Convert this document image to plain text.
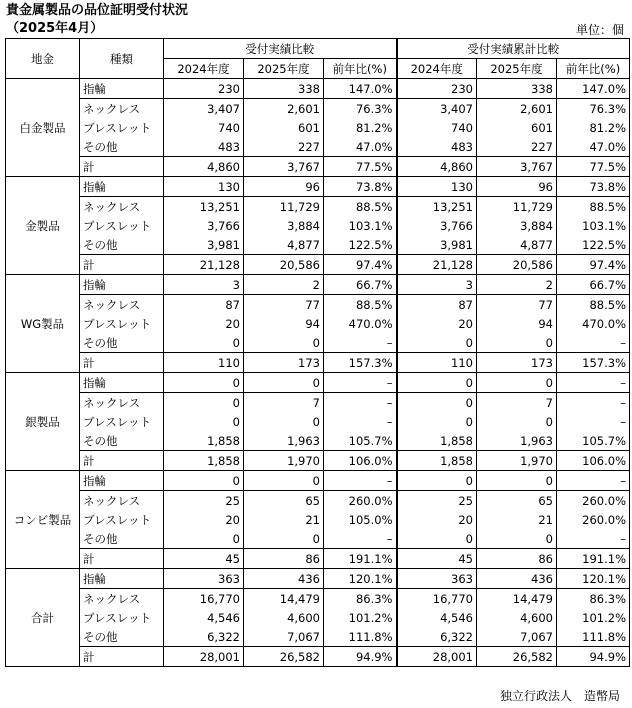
貴金属製品の品位証明受付状況
（2025年4月）	単位：個
地金	種類	受付実績比較			受付実績累計比較		
		2024年度	2025年度	前年比(%)	2024年度	2025年度	前年比(%)
白金製品	指輪	230	338	147.0%	230	338	147.0%
	ネックレス	3,407	2,601	76.3%	3,407	2,601	76.3%
	ブレスレット	740	601	81.2%	740	601	81.2%
	その他	483	227	47.0%	483	227	47.0%
	計	4,860	3,767	77.5%	4,860	3,767	77.5%
金製品	指輪	130	96	73.8%	130	96	73.8%
	ネックレス	13,251	11,729	88.5%	13,251	11,729	88.5%
	ブレスレット	3,766	3,884	103.1%	3,766	3,884	103.1%
	その他	3,981	4,877	122.5%	3,981	4,877	122.5%
	計	21,128	20,586	97.4%	21,128	20,586	97.4%
WG製品	指輪	3	2	66.7%	3	2	66.7%
	ネックレス	87	77	88.5%	87	77	88.5%
	ブレスレット	20	94	470.0%	20	94	470.0%
	その他	0	0	–	0	0	–
	計	110	173	157.3%	110	173	157.3%
銀製品	指輪	0	0	–	0	0	–
	ネックレス	0	7	–	0	7	–
	ブレスレット	0	0	–	0	0	–
	その他	1,858	1,963	105.7%	1,858	1,963	105.7%
	計	1,858	1,970	106.0%	1,858	1,970	106.0%
コンビ製品	指輪	0	0	–	0	0	–
	ネックレス	25	65	260.0%	25	65	260.0%
	ブレスレット	20	21	105.0%	20	21	260.0%
	その他	0	0	–	0	0	–
	計	45	86	191.1%	45	86	191.1%
合計	指輪	363	436	120.1%	363	436	120.1%
	ネックレス	16,770	14,479	86.3%	16,770	14,479	86.3%
	ブレスレット	4,546	4,600	101.2%	4,546	4,600	101.2%
	その他	6,322	7,067	111.8%	6,322	7,067	111.8%
	計	28,001	26,582	94.9%	28,001	26,582	94.9%
独立行政法人　造幣局
